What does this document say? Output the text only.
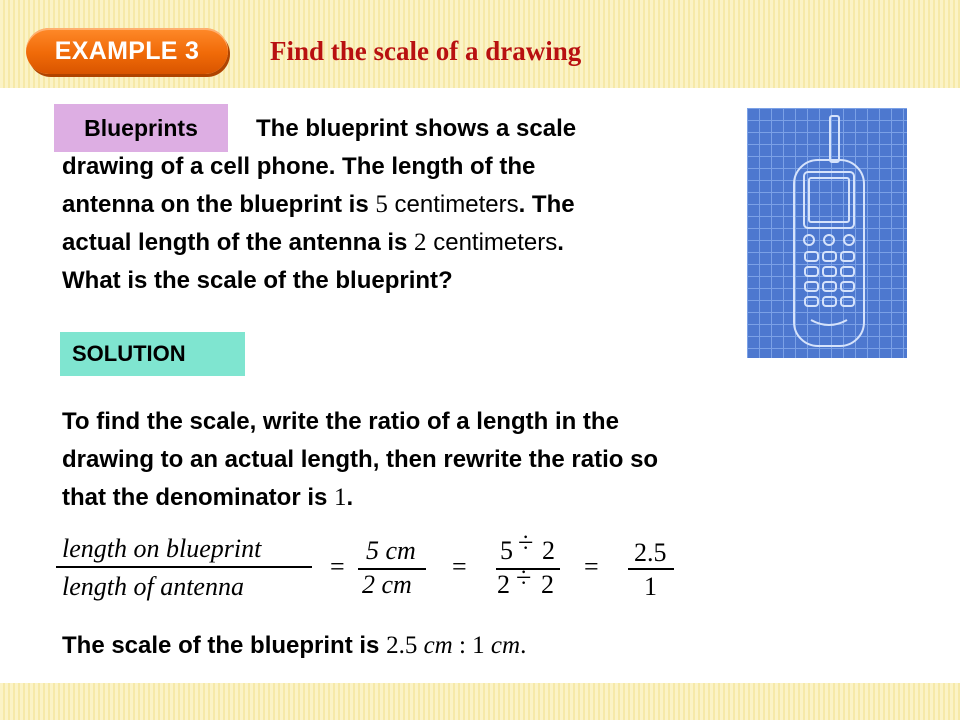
EXAMPLE 3	Find the scale of a drawing
Blueprints	The blueprint shows a scale

drawing of a cell phone. The length of the

antenna on the blueprint is 5 centimeters. The

actual length of the antenna is 2 centimeters.

What is the scale of the blueprint?

SOLUTION

To find the scale, write the ratio of a length in the

drawing to an actual length, then rewrite the ratio so

that the denominator is 1.

length on blueprint
length of antenna
=
5 cm
2 cm
=
5 ÷ 2
2 ÷ 2
= 2.5
1

The scale of the blueprint is 2.5 cm : 1 cm.
